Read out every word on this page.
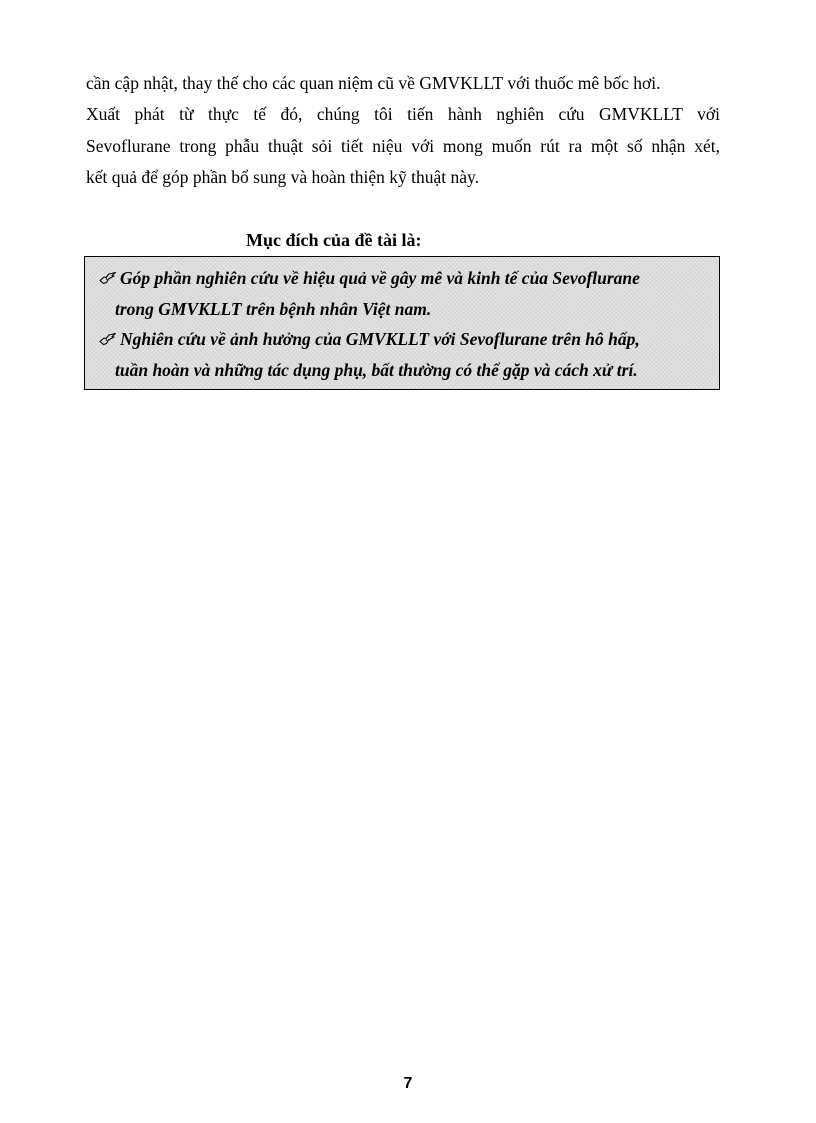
cần cập nhật, thay thế cho các quan niệm cũ về GMVKLLT với thuốc mê bốc hơi.
Xuất phát từ thực tế đó, chúng tôi tiến hành nghiên cứu GMVKLLT với
Sevoflurane trong phẫu thuật sỏi tiết niệu với mong muốn rút ra một số nhận xét,
kết quả để góp phần bổ sung và hoàn thiện kỹ thuật này.
Mục đích của đề tài là:
Góp phần nghiên cứu về hiệu quả về gây mê và kinh tế của Sevoflurane
trong GMVKLLT trên bệnh nhân Việt nam.
Nghiên cứu về ảnh hưởng của GMVKLLT với Sevoflurane trên hô hấp,
tuần hoàn và những tác dụng phụ, bất thường có thể gặp và cách xử trí.

7
